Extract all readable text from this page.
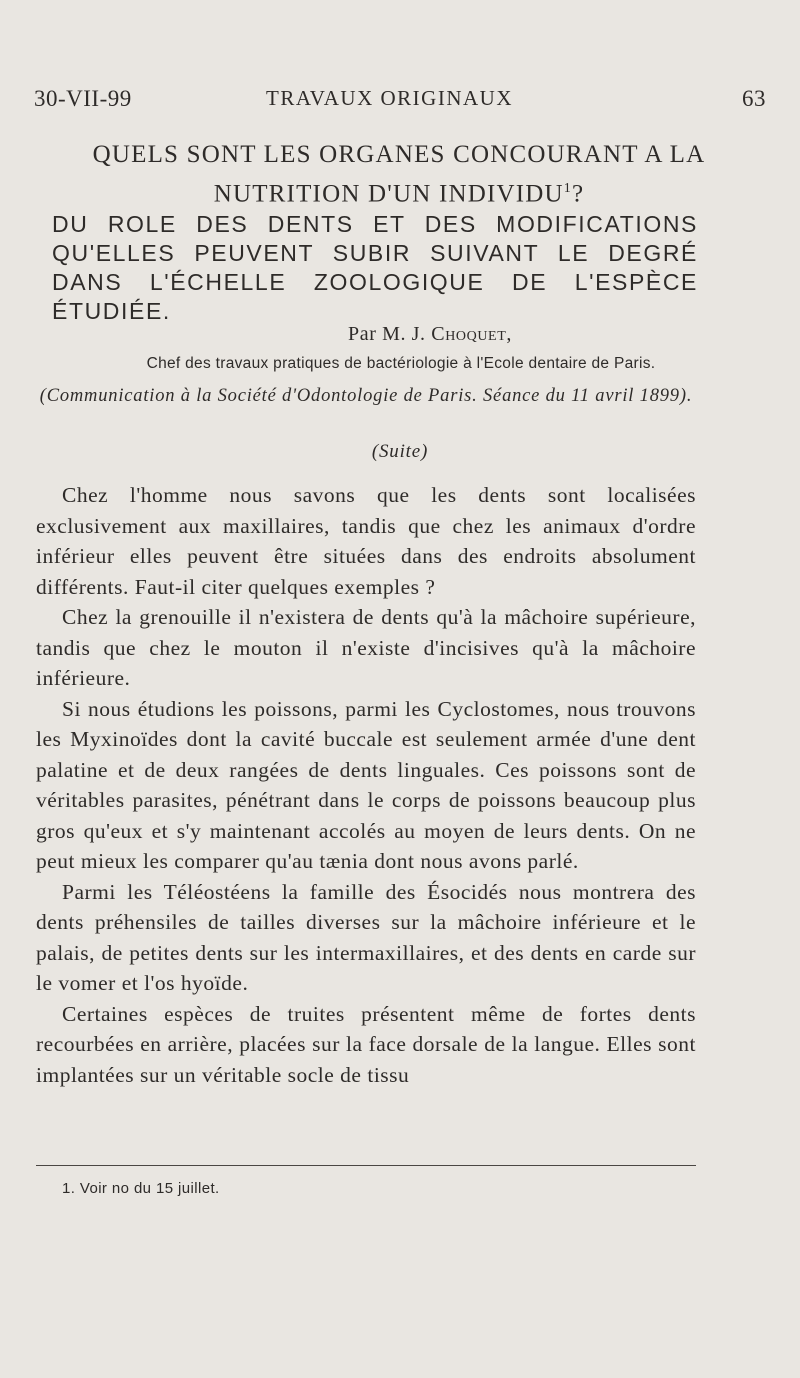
30-VII-99	TRAVAUX ORIGINAUX	63
QUELS SONT LES ORGANES CONCOURANT A LA NUTRITION D'UN INDIVIDU$^1$?
DU ROLE DES DENTS ET DES MODIFICATIONS QU'ELLES PEUVENT SUBIR SUIVANT LE DEGRÉ DANS L'ÉCHELLE ZOOLOGIQUE DE L'ESPÈCE ÉTUDIÉE.
Par M. J. Choquet,
Chef des travaux pratiques de bactériologie à l'Ecole dentaire de Paris.
(Communication à la Société d'Odontologie de Paris. Séance du 11 avril 1899).
(Suite)

Chez l'homme nous savons que les dents sont localisées exclusivement aux maxillaires, tandis que chez les animaux d'ordre inférieur elles peuvent être situées dans des endroits absolument différents. Faut-il citer quelques exemples ?

Chez la grenouille il n'existera de dents qu'à la mâchoire supérieure, tandis que chez le mouton il n'existe d'incisives qu'à la mâchoire inférieure.

Si nous étudions les poissons, parmi les Cyclostomes, nous trouvons les Myxinoïdes dont la cavité buccale est seulement armée d'une dent palatine et de deux rangées de dents linguales. Ces poissons sont de véritables parasites, pénétrant dans le corps de poissons beaucoup plus gros qu'eux et s'y maintenant accolés au moyen de leurs dents. On ne peut mieux les comparer qu'au tænia dont nous avons parlé.

Parmi les Téléostéens la famille des Ésocidés nous montrera des dents préhensiles de tailles diverses sur la mâchoire inférieure et le palais, de petites dents sur les intermaxillaires, et des dents en carde sur le vomer et l'os hyoïde.

Certaines espèces de truites présentent même de fortes dents recourbées en arrière, placées sur la face dorsale de la langue. Elles sont implantées sur un véritable socle de tissu

1. Voir no du 15 juillet.
